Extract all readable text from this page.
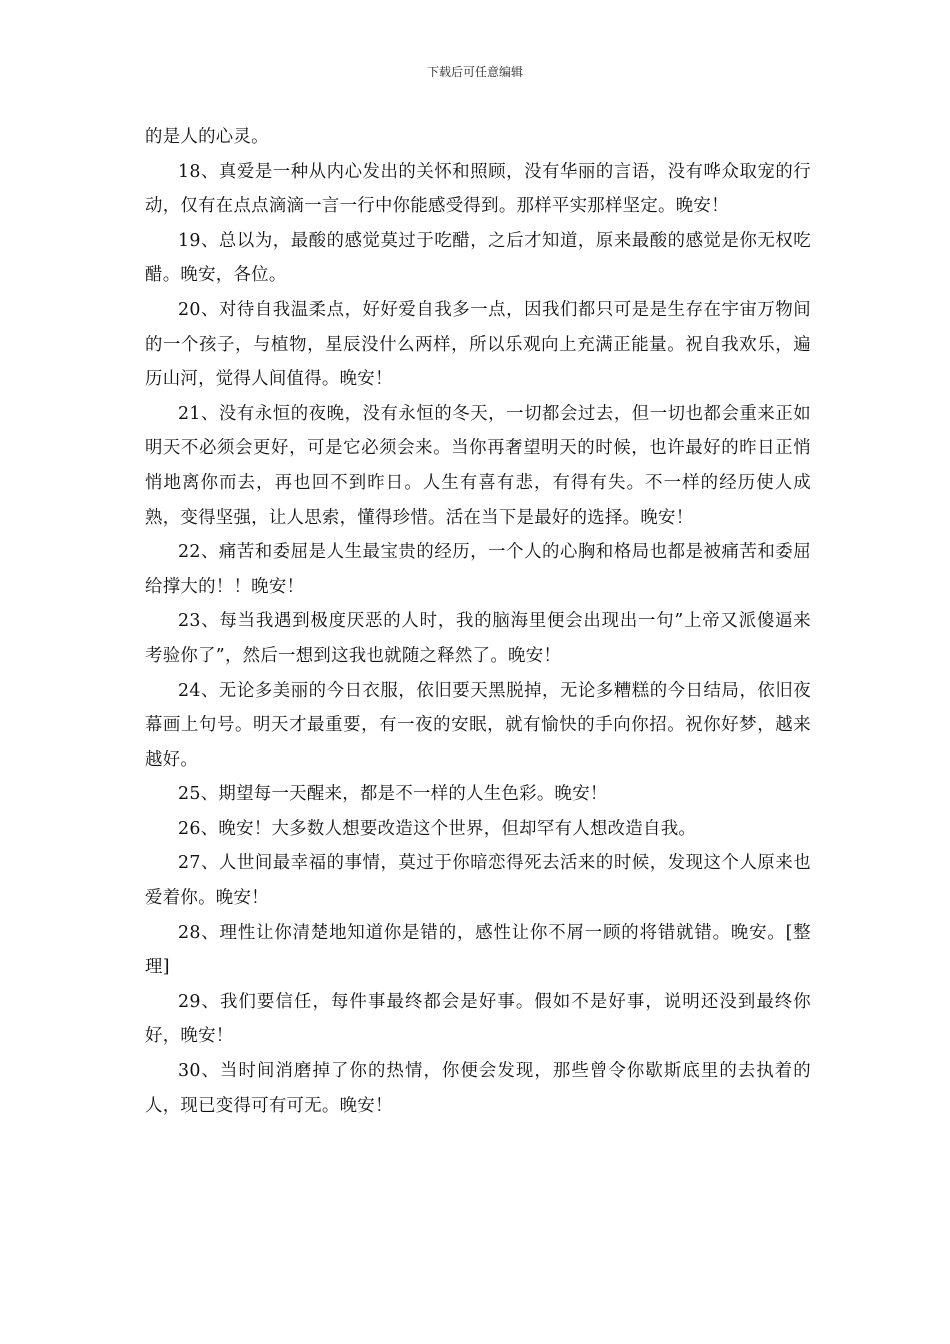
下载后可任意编辑

的是人的心灵。

18、真爱是一种从内心发出的关怀和照顾，没有华丽的言语，没有哗众取宠的行动，仅有在点点滴滴一言一行中你能感受得到。那样平实那样坚定。晚安！

19、总以为，最酸的感觉莫过于吃醋，之后才知道，原来最酸的感觉是你无权吃醋。晚安，各位。

20、对待自我温柔点，好好爱自我多一点，因我们都只可是是生存在宇宙万物间的一个孩子，与植物，星辰没什么两样，所以乐观向上充满正能量。祝自我欢乐，遍历山河，觉得人间值得。晚安！

21、没有永恒的夜晚，没有永恒的冬天，一切都会过去，但一切也都会重来正如明天不必须会更好，可是它必须会来。当你再奢望明天的时候，也许最好的昨日正悄悄地离你而去，再也回不到昨日。人生有喜有悲，有得有失。不一样的经历使人成熟，变得坚强，让人思索，懂得珍惜。活在当下是最好的选择。晚安！

22、痛苦和委屈是人生最宝贵的经历，一个人的心胸和格局也都是被痛苦和委屈给撑大的！！晚安！

23、每当我遇到极度厌恶的人时，我的脑海里便会出现出一句”上帝又派傻逼来考验你了”，然后一想到这我也就随之释然了。晚安！

24、无论多美丽的今日衣服，依旧要天黑脱掉，无论多糟糕的今日结局，依旧夜幕画上句号。明天才最重要，有一夜的安眠，就有愉快的手向你招。祝你好梦，越来越好。

25、期望每一天醒来，都是不一样的人生色彩。晚安！

26、晚安！大多数人想要改造这个世界，但却罕有人想改造自我。

27、人世间最幸福的事情，莫过于你暗恋得死去活来的时候，发现这个人原来也爱着你。晚安！

28、理性让你清楚地知道你是错的，感性让你不屑一顾的将错就错。晚安。[整理]

29、我们要信任，每件事最终都会是好事。假如不是好事，说明还没到最终你好，晚安！

30、当时间消磨掉了你的热情，你便会发现，那些曾令你歇斯底里的去执着的人，现已变得可有可无。晚安！
